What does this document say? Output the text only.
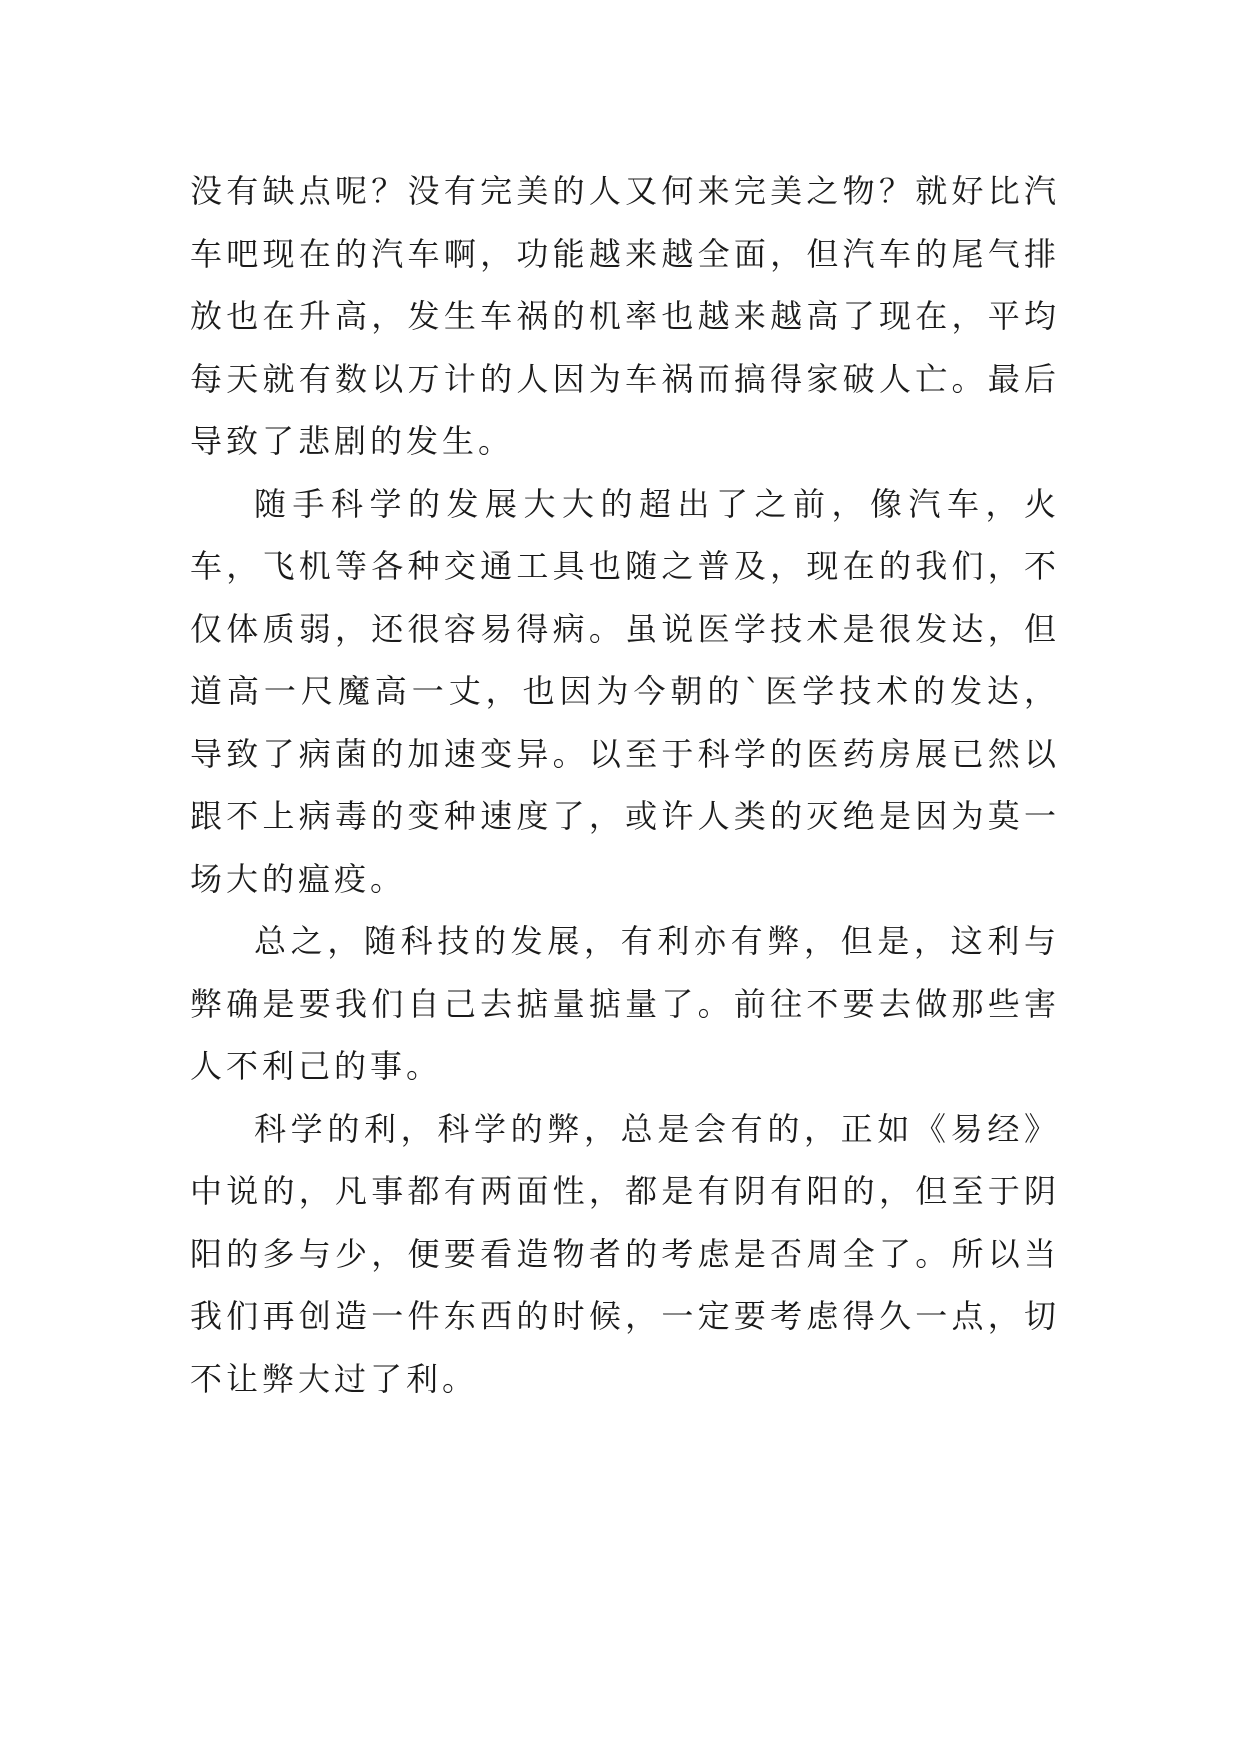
没有缺点呢？没有完美的人又何来完美之物？就好比汽车吧现在的汽车啊，功能越来越全面，但汽车的尾气排放也在升高，发生车祸的机率也越来越高了现在，平均每天就有数以万计的人因为车祸而搞得家破人亡。最后导致了悲剧的发生。

随手科学的发展大大的超出了之前，像汽车，火车，飞机等各种交通工具也随之普及，现在的我们，不仅体质弱，还很容易得病。虽说医学技术是很发达，但道高一尺魔高一丈，也因为今朝的`医学技术的发达，导致了病菌的加速变异。以至于科学的医药房展已然以跟不上病毒的变种速度了，或许人类的灭绝是因为莫一场大的瘟疫。

总之，随科技的发展，有利亦有弊，但是，这利与弊确是要我们自己去掂量掂量了。前往不要去做那些害人不利己的事。

科学的利，科学的弊，总是会有的，正如《易经》中说的，凡事都有两面性，都是有阴有阳的，但至于阴阳的多与少，便要看造物者的考虑是否周全了。所以当我们再创造一件东西的时候，一定要考虑得久一点，切不让弊大过了利。
